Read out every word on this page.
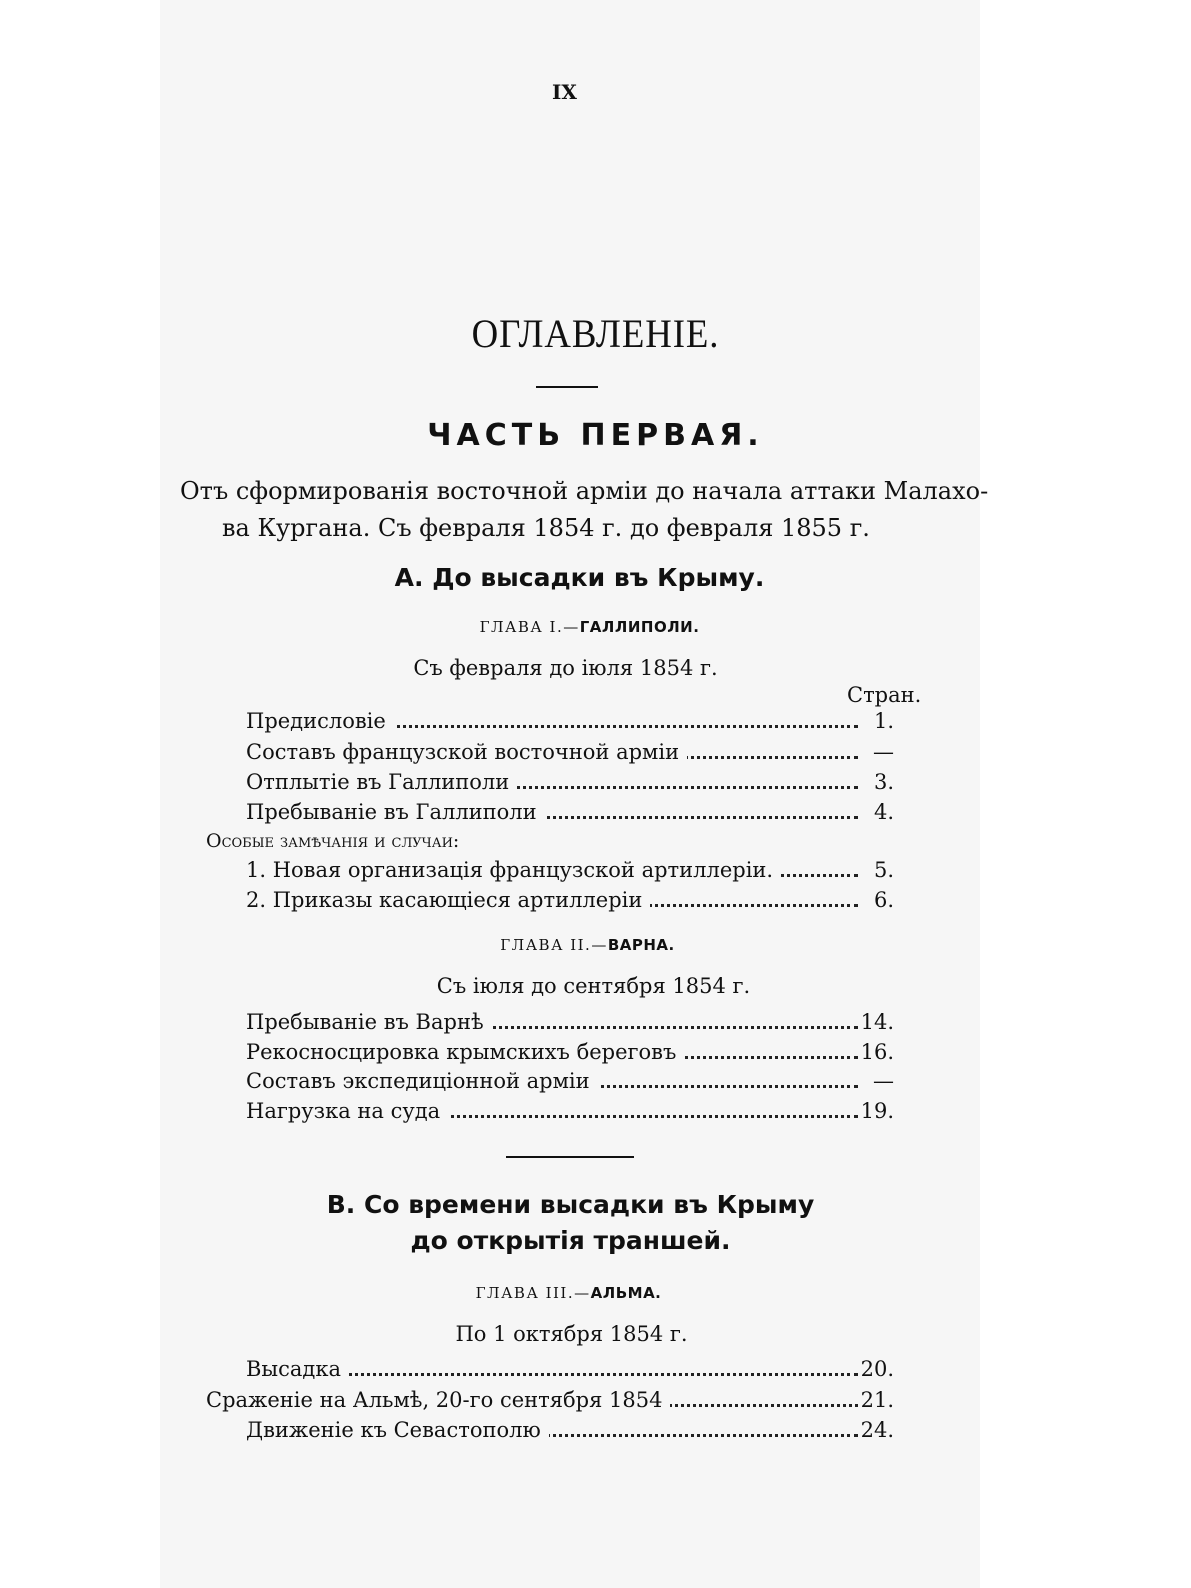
IX
ОГЛАВЛЕНІЕ.
ЧАСТЬ ПЕРВАЯ.
Отъ сформированія восточной арміи до начала аттаки Малахо-
ва Кургана. Съ февраля 1854 г. до февраля 1855 г.
А. До высадки въ Крыму.
ГЛАВА I.—ГАЛЛИПОЛИ.
Съ февраля до іюля 1854 г.
Стран.
Предисловіе	1.
Составъ французской восточной арміи	—
Отплытіе въ Галлиполи	3.
Пребываніе въ Галлиполи	4.
Особые замѣчанія и случаи:
1. Новая организація французской артиллеріи.	5.
2. Приказы касающіеся артиллеріи	6.
ГЛАВА II.—ВАРНА.
Съ іюля до сентября 1854 г.
Пребываніе въ Варнѣ	14.
Рекосносцировка крымскихъ береговъ	16.
Составъ экспедиціонной арміи	—
Нагрузка на суда	19.
В. Со времени высадки въ Крыму
до открытія траншей.
ГЛАВА III.—АЛЬМА.
По 1 октября 1854 г.
Высадка	20.
Сраженіе на Альмѣ, 20-го сентября 1854	21.
Движеніе къ Севастополю	24.
